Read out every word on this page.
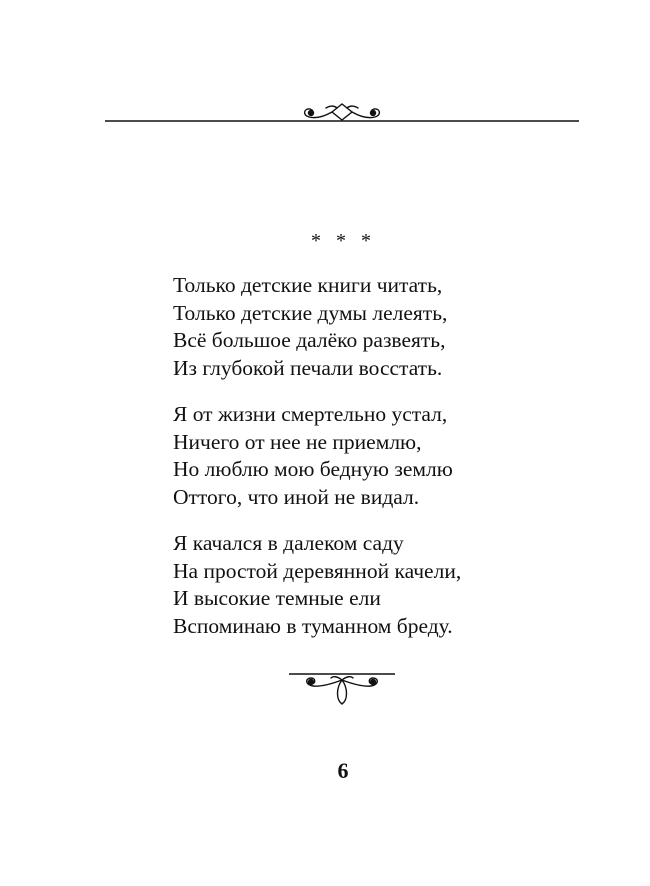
* * *
Только детские книги читать,
Только детские думы лелеять,
Всё большое далёко развеять,
Из глубокой печали восстать.
Я от жизни смертельно устал,
Ничего от нее не приемлю,
Но люблю мою бедную землю
Оттого, что иной не видал.
Я качался в далеком саду
На простой деревянной качели,
И высокие темные ели
Вспоминаю в туманном бреду.
6
